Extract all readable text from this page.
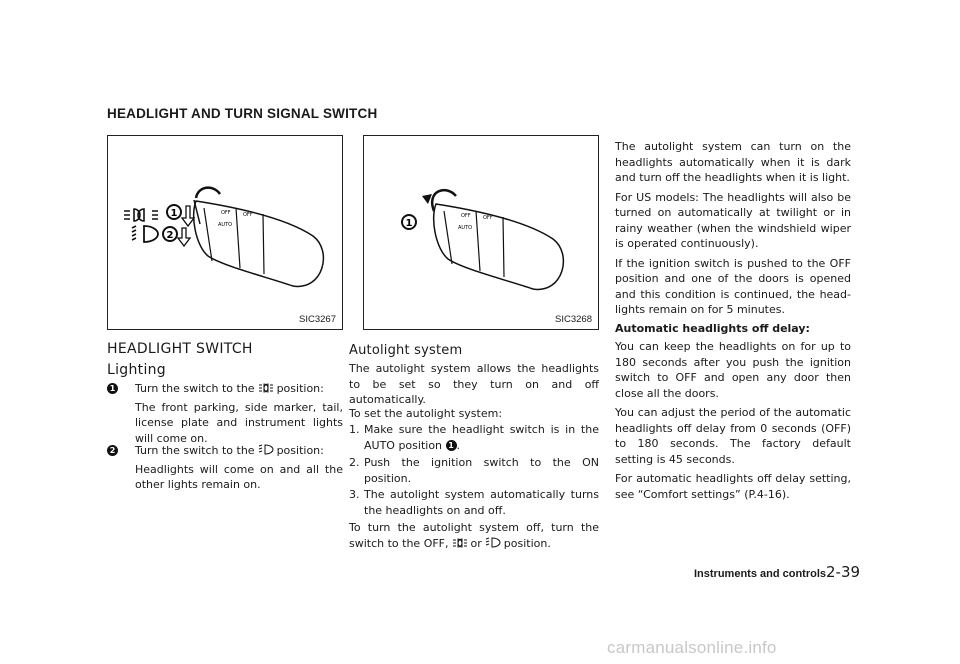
HEADLIGHT AND TURN SIGNAL SWITCH
OFF
AUTO
OFF
1
2
SIC3267
OFF
AUTO
OFF
1
SIC3268
HEADLIGHT SWITCH
Lighting
1 Turn the switch to the position:

The front parking, side marker, tail, license plate and instrument lights will come on.

2 Turn the switch to the position:

Headlights will come on and all the other lights remain on.

Autolight system

The autolight system allows the headlights to be set so they turn on and off automatically.

To set the autolight system:

1. Make sure the headlight switch is in the AUTO position 1 .

2. Push the ignition switch to the ON position.

3. The autolight system automatically turns the headlights on and off.

To turn the autolight system off, turn the switch to the OFF, or position.

The autolight system can turn on the headlights automatically when it is dark and turn off the headlights when it is light.

For US models: The headlights will also be turned on automatically at twilight or in rainy weather (when the windshield wiper is operated continuously).

If the ignition switch is pushed to the OFF position and one of the doors is opened and this condition is continued, the head-lights remain on for 5 minutes.

Automatic headlights off delay:

You can keep the headlights on for up to 180 seconds after you push the ignition switch to OFF and open any door then close all the doors.

You can adjust the period of the automatic headlights off delay from 0 seconds (OFF) to 180 seconds. The factory default setting is 45 seconds.

For automatic headlights off delay setting, see “Comfort settings” (P.4-16).

Instruments and controls 2-39
carmanualsonline.info
